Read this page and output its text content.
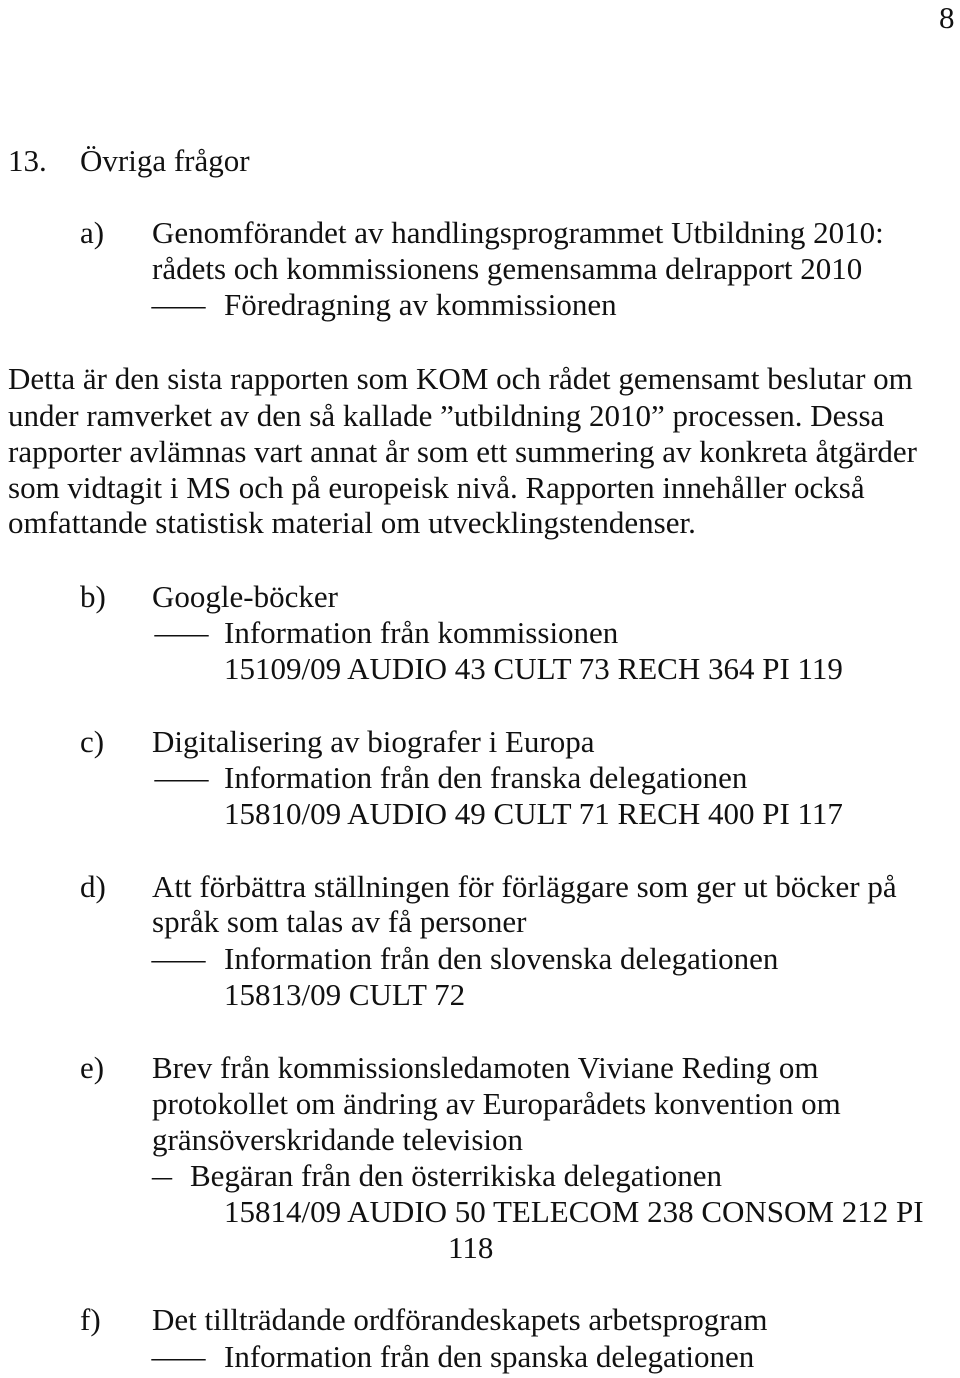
8
13. Övriga frågor
a) Genomförandet av handlingsprogrammet Utbildning 2010:
rådets och kommissionens gemensamma delrapport 2010
– Föredragning av kommissionen
Detta är den sista rapporten som KOM och rådet gemensamt beslutar om
under ramverket av den så kallade ”utbildning 2010” processen. Dessa
rapporter avlämnas vart annat år som ett summering av konkreta åtgärder
som vidtagit i MS och på europeisk nivå. Rapporten innehåller också
omfattande statistisk material om utvecklingstendenser.
b) Google-böcker
– Information från kommissionen
15109/09 AUDIO 43 CULT 73 RECH 364 PI 119
c) Digitalisering av biografer i Europa
– Information från den franska delegationen
15810/09 AUDIO 49 CULT 71 RECH 400 PI 117
d) Att förbättra ställningen för förläggare som ger ut böcker på
språk som talas av få personer
– Information från den slovenska delegationen
15813/09 CULT 72
e) Brev från kommissionsledamoten Viviane Reding om
protokollet om ändring av Europarådets konvention om
gränsöverskridande television
– Begäran från den österrikiska delegationen
15814/09 AUDIO 50 TELECOM 238 CONSOM 212 PI
118
f) Det tillträdande ordförandeskapets arbetsprogram
– Information från den spanska delegationen
